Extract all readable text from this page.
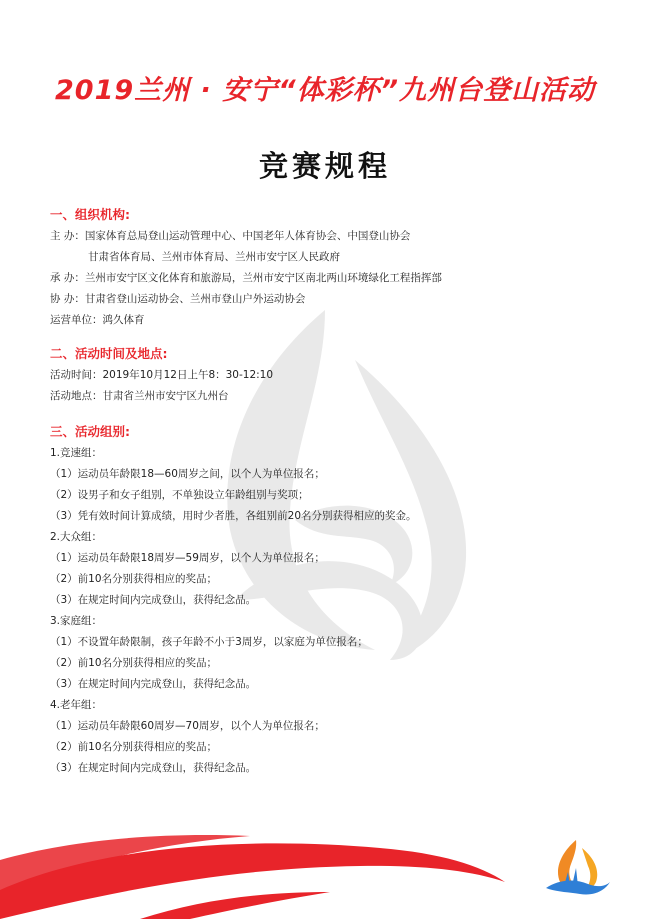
2019兰州 · 安宁“体彩杯”九州台登山活动
竞赛规程
一、组织机构:
主 办：国家体育总局登山运动管理中心、中国老年人体育协会、中国登山协会
甘肃省体育局、兰州市体育局、兰州市安宁区人民政府
承 办：兰州市安宁区文化体育和旅游局，兰州市安宁区南北两山环境绿化工程指挥部
协 办：甘肃省登山运动协会、兰州市登山户外运动协会
运营单位：鸿久体育
二、活动时间及地点:
活动时间：2019年10月12日上午8：30-12:10
活动地点：甘肃省兰州市安宁区九州台
三、活动组别:
1.竞速组：
（1）运动员年龄限18—60周岁之间，以个人为单位报名；
（2）设男子和女子组别，不单独设立年龄组别与奖项；
（3）凭有效时间计算成绩，用时少者胜，各组别前20名分别获得相应的奖金。
2.大众组：
（1）运动员年龄限18周岁—59周岁，以个人为单位报名；
（2）前10名分别获得相应的奖品；
（3）在规定时间内完成登山，获得纪念品。
3.家庭组：
（1）不设置年龄限制，孩子年龄不小于3周岁，以家庭为单位报名；
（2）前10名分别获得相应的奖品；
（3）在规定时间内完成登山，获得纪念品。
4.老年组：
（1）运动员年龄限60周岁—70周岁，以个人为单位报名；
（2）前10名分别获得相应的奖品；
（3）在规定时间内完成登山，获得纪念品。
